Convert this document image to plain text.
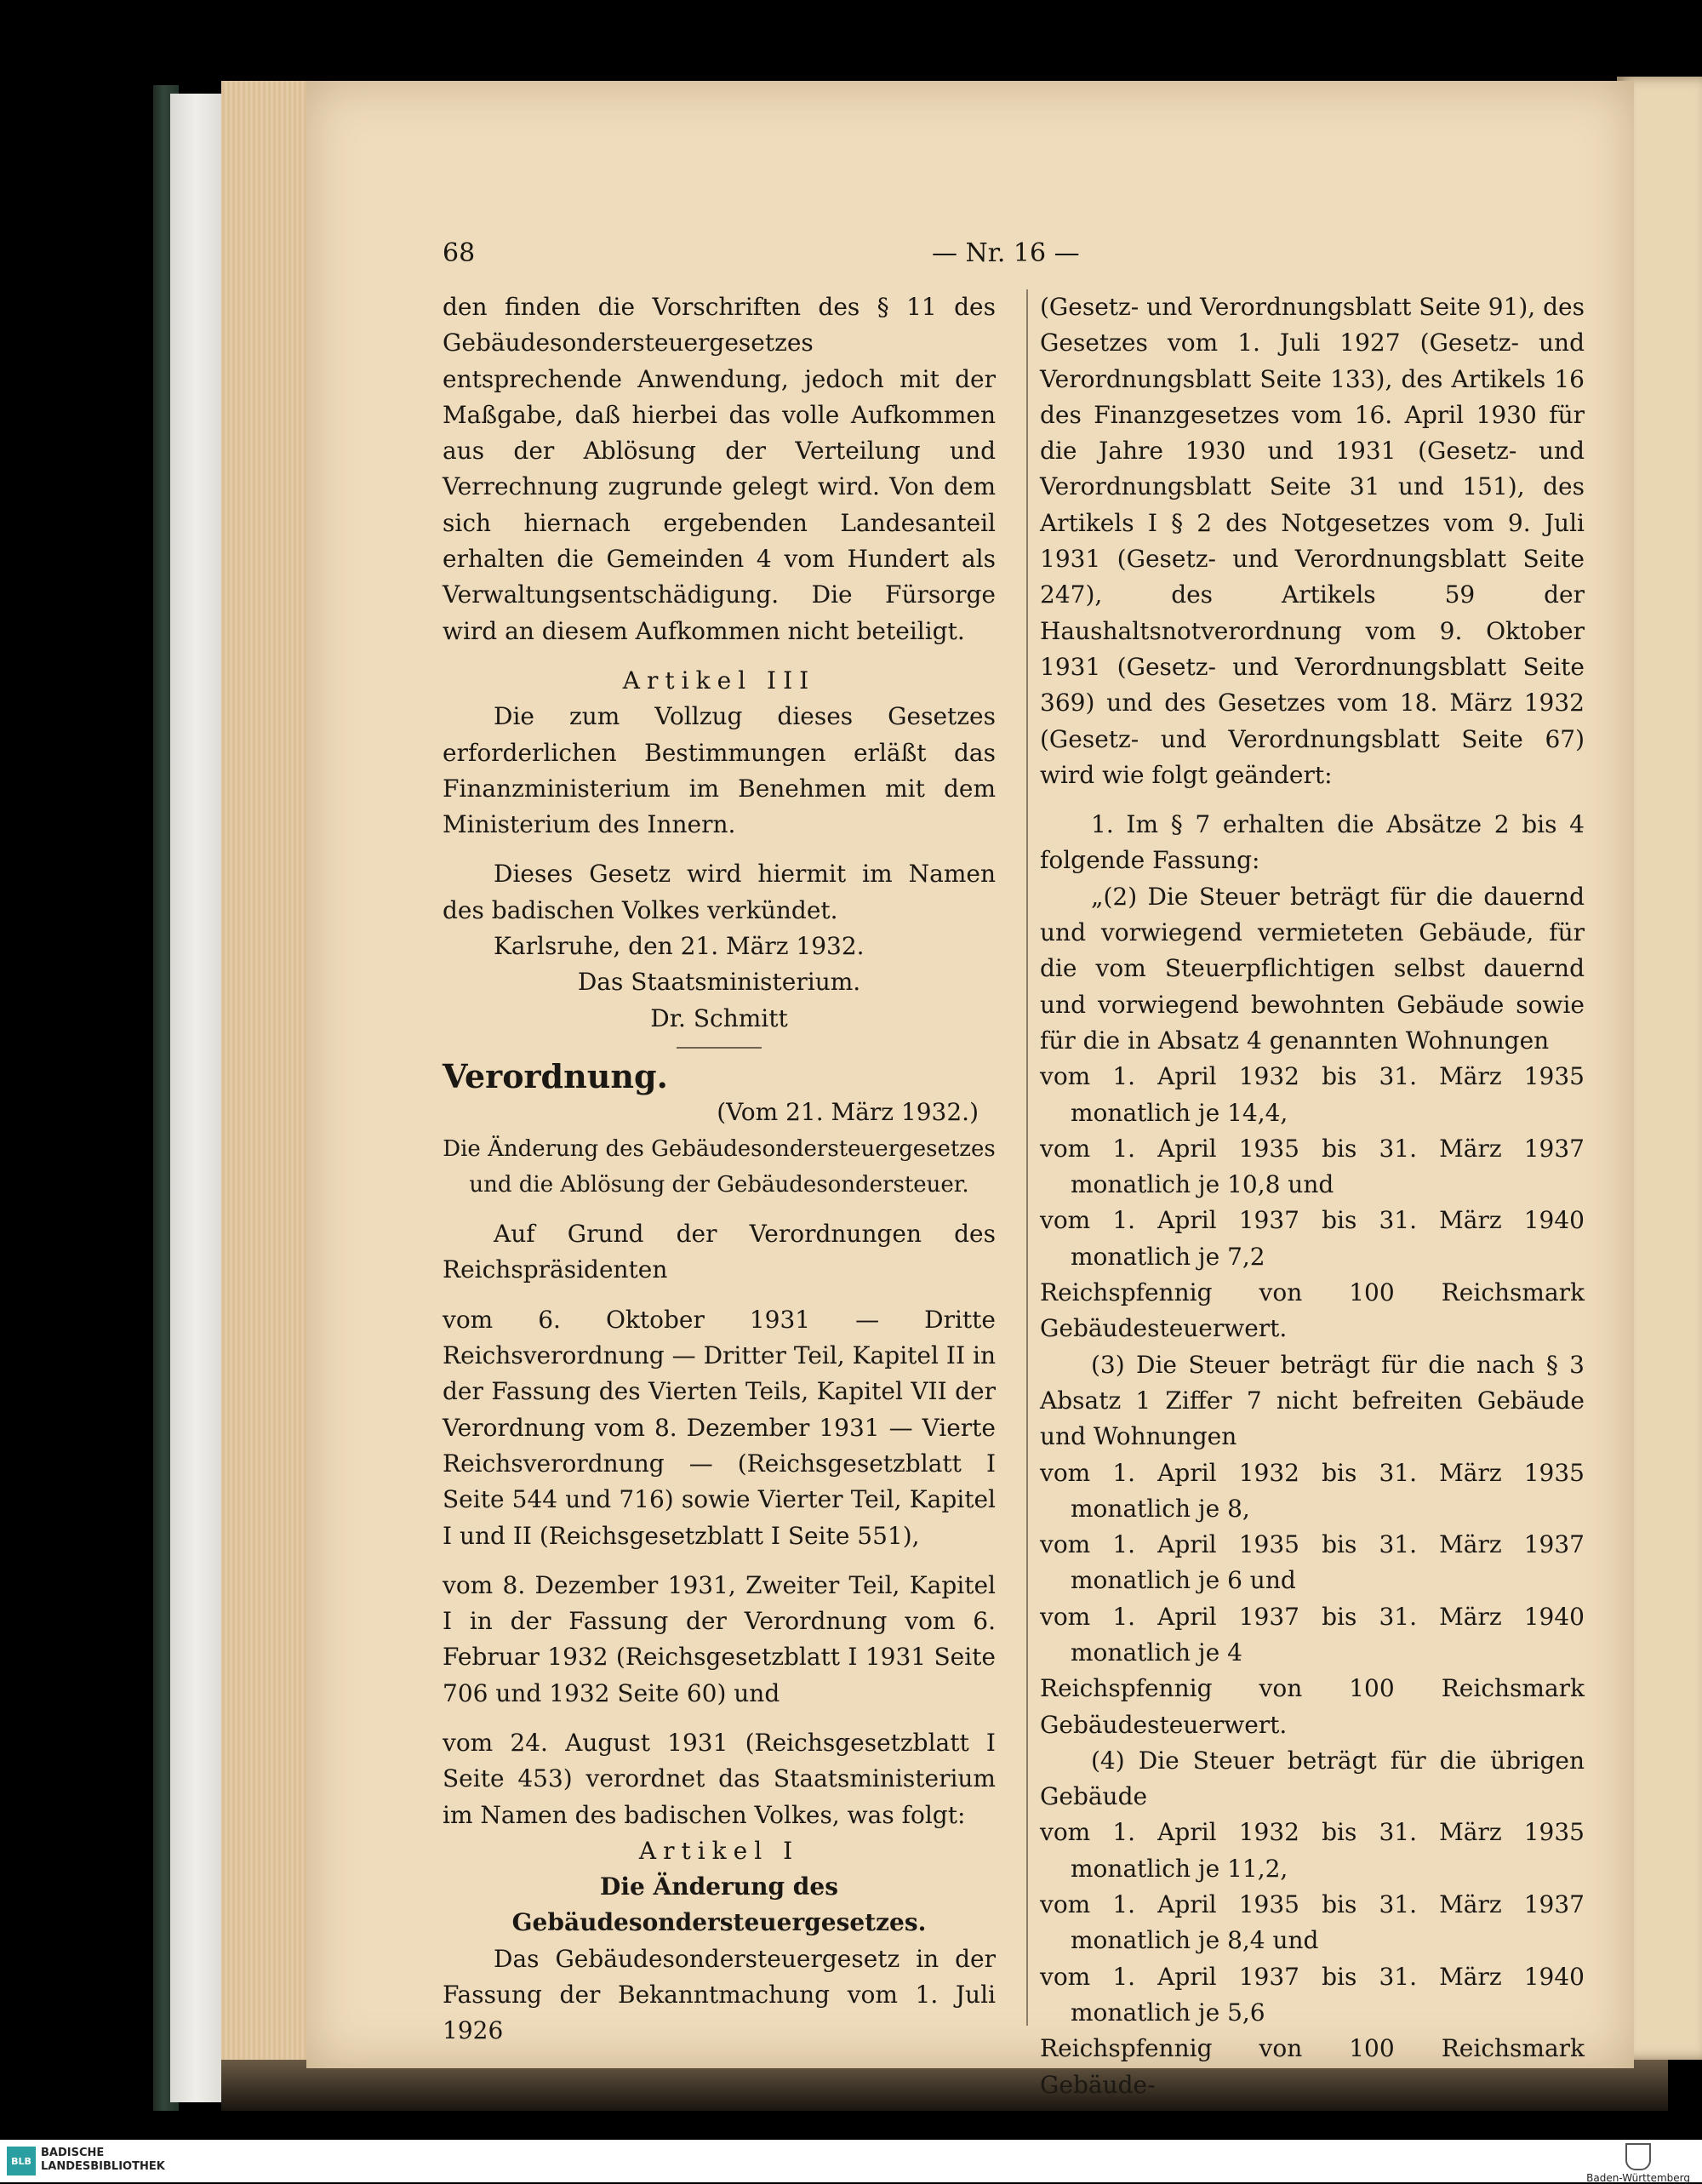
68	— Nr. 16 —

den finden die Vorschriften des § 11 des Gebäudesondersteuergesetzes entsprechende Anwendung, jedoch mit der Maßgabe, daß hierbei das volle Aufkommen aus der Ablösung der Verteilung und Verrechnung zugrunde gelegt wird. Von dem sich hiernach ergebenden Landesanteil erhalten die Gemeinden 4 vom Hundert als Verwaltungsentschädigung. Die Fürsorge wird an diesem Aufkommen nicht beteiligt.

Artikel III

Die zum Vollzug dieses Gesetzes erforderlichen Bestimmungen erläßt das Finanzministerium im Benehmen mit dem Ministerium des Innern.

Dieses Gesetz wird hiermit im Namen des badischen Volkes verkündet.

Karlsruhe, den 21. März 1932.

Das Staatsministerium.

Dr. Schmitt

Verordnung.

(Vom 21. März 1932.)

Die Änderung des Gebäudesondersteuergesetzes und die Ablösung der Gebäudesondersteuer.

Auf Grund der Verordnungen des Reichspräsidenten

vom 6. Oktober 1931 — Dritte Reichsverordnung — Dritter Teil, Kapitel II in der Fassung des Vierten Teils, Kapitel VII der Verordnung vom 8. Dezember 1931 — Vierte Reichsverordnung — (Reichsgesetzblatt I Seite 544 und 716) sowie Vierter Teil, Kapitel I und II (Reichsgesetzblatt I Seite 551),

vom 8. Dezember 1931, Zweiter Teil, Kapitel I in der Fassung der Verordnung vom 6. Februar 1932 (Reichsgesetzblatt I 1931 Seite 706 und 1932 Seite 60) und

vom 24. August 1931 (Reichsgesetzblatt I Seite 453) verordnet das Staatsministerium im Namen des badischen Volkes, was folgt:

Artikel I

Die Änderung des Gebäudesondersteuergesetzes.

Das Gebäudesondersteuergesetz in der Fassung der Bekanntmachung vom 1. Juli 1926

(Gesetz- und Verordnungsblatt Seite 91), des Gesetzes vom 1. Juli 1927 (Gesetz- und Verordnungsblatt Seite 133), des Artikels 16 des Finanzgesetzes vom 16. April 1930 für die Jahre 1930 und 1931 (Gesetz- und Verordnungsblatt Seite 31 und 151), des Artikels I § 2 des Notgesetzes vom 9. Juli 1931 (Gesetz- und Verordnungsblatt Seite 247), des Artikels 59 der Haushaltsnotverordnung vom 9. Oktober 1931 (Gesetz- und Verordnungsblatt Seite 369) und des Gesetzes vom 18. März 1932 (Gesetz- und Verordnungsblatt Seite 67) wird wie folgt geändert:

1. Im § 7 erhalten die Absätze 2 bis 4 folgende Fassung:

„(2) Die Steuer beträgt für die dauernd und vorwiegend vermieteten Gebäude, für die vom Steuerpflichtigen selbst dauernd und vorwiegend bewohnten Gebäude sowie für die in Absatz 4 genannten Wohnungen

vom 1. April 1932 bis 31. März 1935 monatlich je 14,4,

vom 1. April 1935 bis 31. März 1937 monatlich je 10,8 und

vom 1. April 1937 bis 31. März 1940 monatlich je 7,2

Reichspfennig von 100 Reichsmark Gebäudesteuerwert.

(3) Die Steuer beträgt für die nach § 3 Absatz 1 Ziffer 7 nicht befreiten Gebäude und Wohnungen

vom 1. April 1932 bis 31. März 1935 monatlich je 8,

vom 1. April 1935 bis 31. März 1937 monatlich je 6 und

vom 1. April 1937 bis 31. März 1940 monatlich je 4

Reichspfennig von 100 Reichsmark Gebäudesteuerwert.

(4) Die Steuer beträgt für die übrigen Gebäude

vom 1. April 1932 bis 31. März 1935 monatlich je 11,2,

vom 1. April 1935 bis 31. März 1937 monatlich je 8,4 und

vom 1. April 1937 bis 31. März 1940 monatlich je 5,6

Reichspfennig von 100 Reichsmark Gebäude-

BLB
BADISCHE
LANDESBIBLIOTHEK
Baden-Württemberg
